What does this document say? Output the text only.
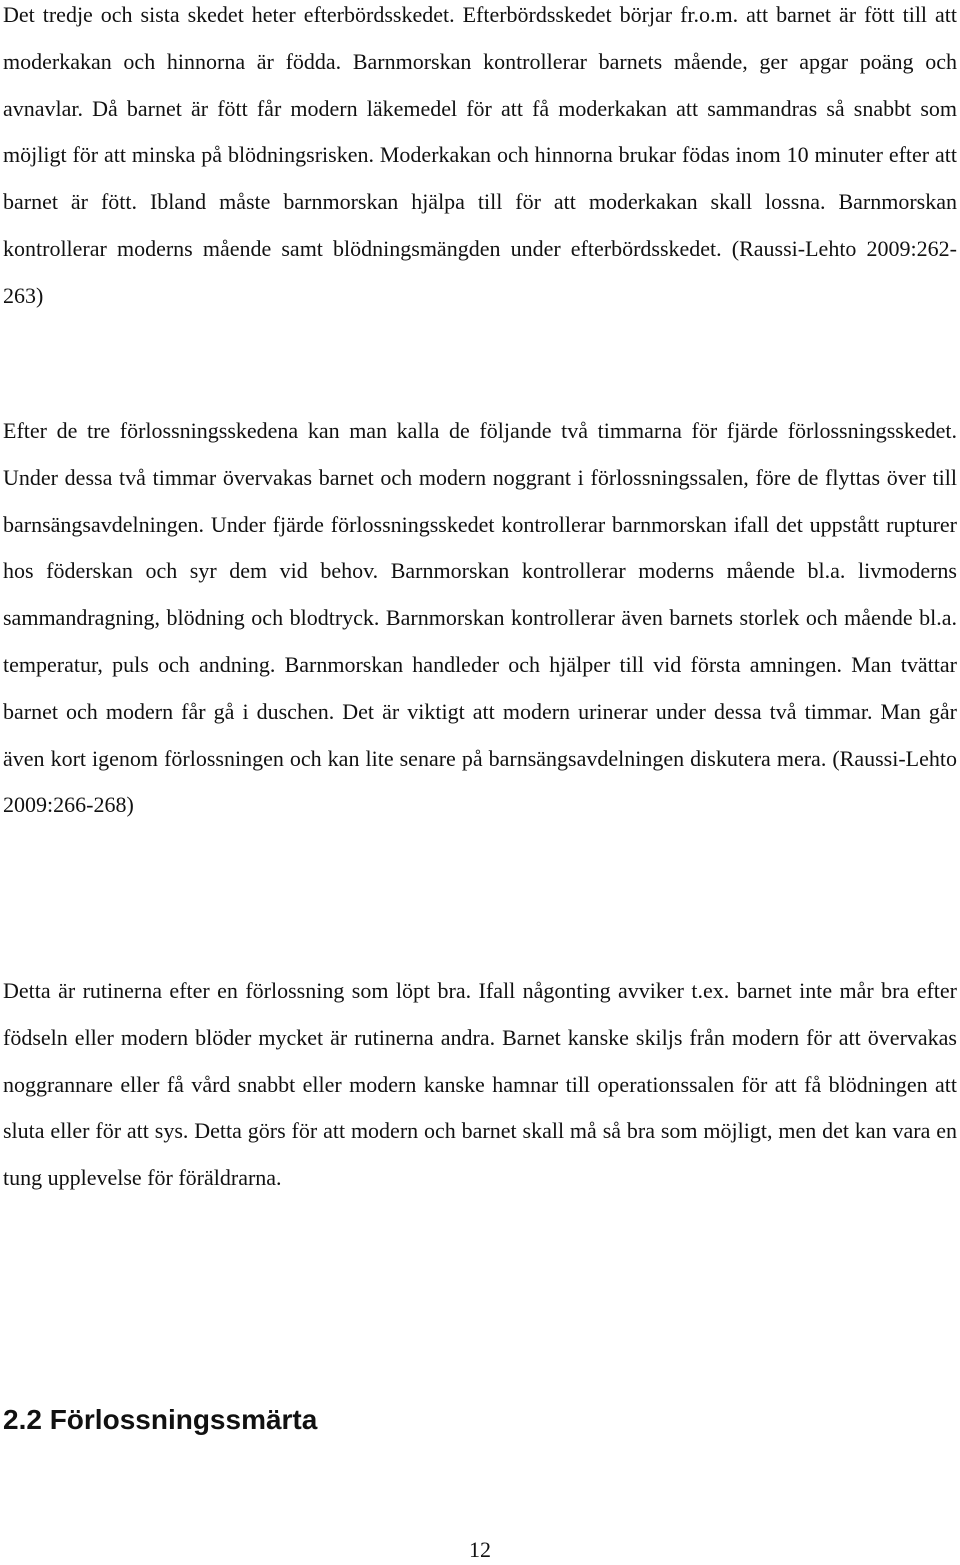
Det tredje och sista skedet heter efterbördsskedet. Efterbördsskedet börjar fr.o.m. att barnet är fött till att moderkakan och hinnorna är födda. Barnmorskan kontrollerar barnets mående, ger apgar poäng och avnavlar. Då barnet är fött får modern läkemedel för att få moderkakan att sammandras så snabbt som möjligt för att minska på blödningsrisken. Moderkakan och hinnorna brukar födas inom 10 minuter efter att barnet är fött. Ibland måste barnmorskan hjälpa till för att moderkakan skall lossna. Barnmorskan kontrollerar moderns mående samt blödningsmängden under efterbördsskedet. (Raussi-Lehto 2009:262-263)

Efter de tre förlossningsskedena kan man kalla de följande två timmarna för fjärde förlossningsskedet. Under dessa två timmar övervakas barnet och modern noggrant i förlossningssalen, före de flyttas över till barnsängsavdelningen. Under fjärde förlossningsskedet kontrollerar barnmorskan ifall det uppstått rupturer hos föderskan och syr dem vid behov. Barnmorskan kontrollerar moderns mående bl.a. livmoderns sammandragning, blödning och blodtryck. Barnmorskan kontrollerar även barnets storlek och mående bl.a. temperatur, puls och andning. Barnmorskan handleder och hjälper till vid första amningen. Man tvättar barnet och modern får gå i duschen. Det är viktigt att modern urinerar under dessa två timmar. Man går även kort igenom förlossningen och kan lite senare på barnsängsavdelningen diskutera mera. (Raussi-Lehto 2009:266-268)

Detta är rutinerna efter en förlossning som löpt bra. Ifall någonting avviker t.ex. barnet inte mår bra efter födseln eller modern blöder mycket är rutinerna andra. Barnet kanske skiljs från modern för att övervakas noggrannare eller få vård snabbt eller modern kanske hamnar till operationssalen för att få blödningen att sluta eller för att sys. Detta görs för att modern och barnet skall må så bra som möjligt, men det kan vara en tung upplevelse för föräldrarna.

2.2 Förlossningssmärta
12
